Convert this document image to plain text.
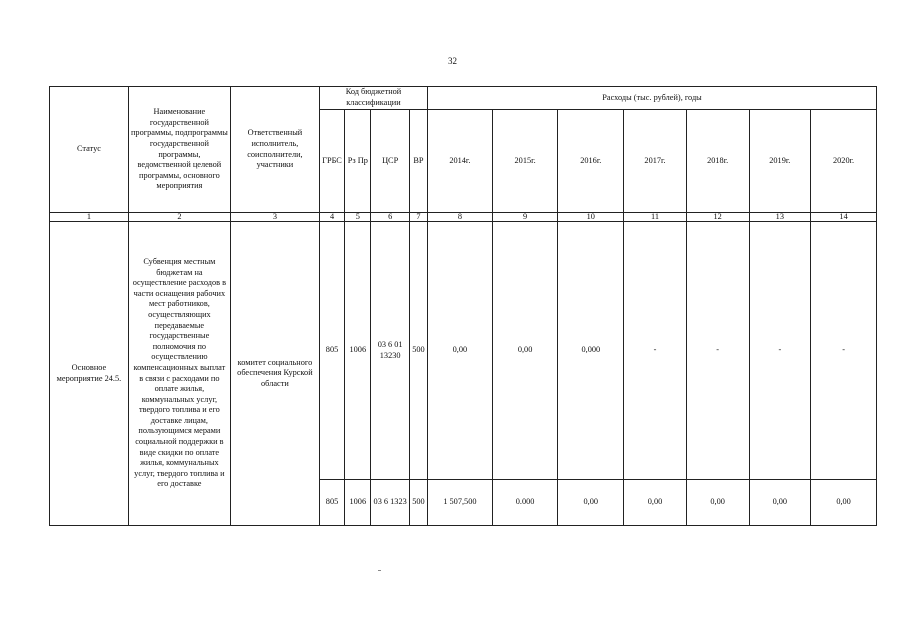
32
Статус	Наименование государственной программы, подпрограммы государственной программы, ведомственной целевой программы, основного мероприятия	Ответственный исполнитель, соисполнители, участники	Код бюджетной классификации				Расходы (тыс. рублей), годы						
			ГРБС	Рз Пр	ЦСР	ВР	2014г.	2015г.	2016г.	2017г.	2018г.	2019г.	2020г.
1	2	3	4	5	6	7	8	9	10	11	12	13	14
Основное мероприятие 24.5.	Субвенция местным бюджетам на осуществление расходов в части оснащения рабочих мест работников, осуществляющих передаваемые государственные полномочия по осуществлению компенсационных выплат в связи с расходами по оплате жилья, коммунальных услуг, твердого топлива и его доставке лицам, пользующимся мерами социальной поддержки в виде скидки по оплате жилья, коммунальных услуг, твердого топлива и его доставке	комитет социального обеспечения Курской области	805	1006	03 6 01 13230	500	0,00	0,00	0,000	-	-	-	-
			805	1006	03 6 1323	500	1 507,500	0.000	0,00	0,00	0,00	0,00	0,00
